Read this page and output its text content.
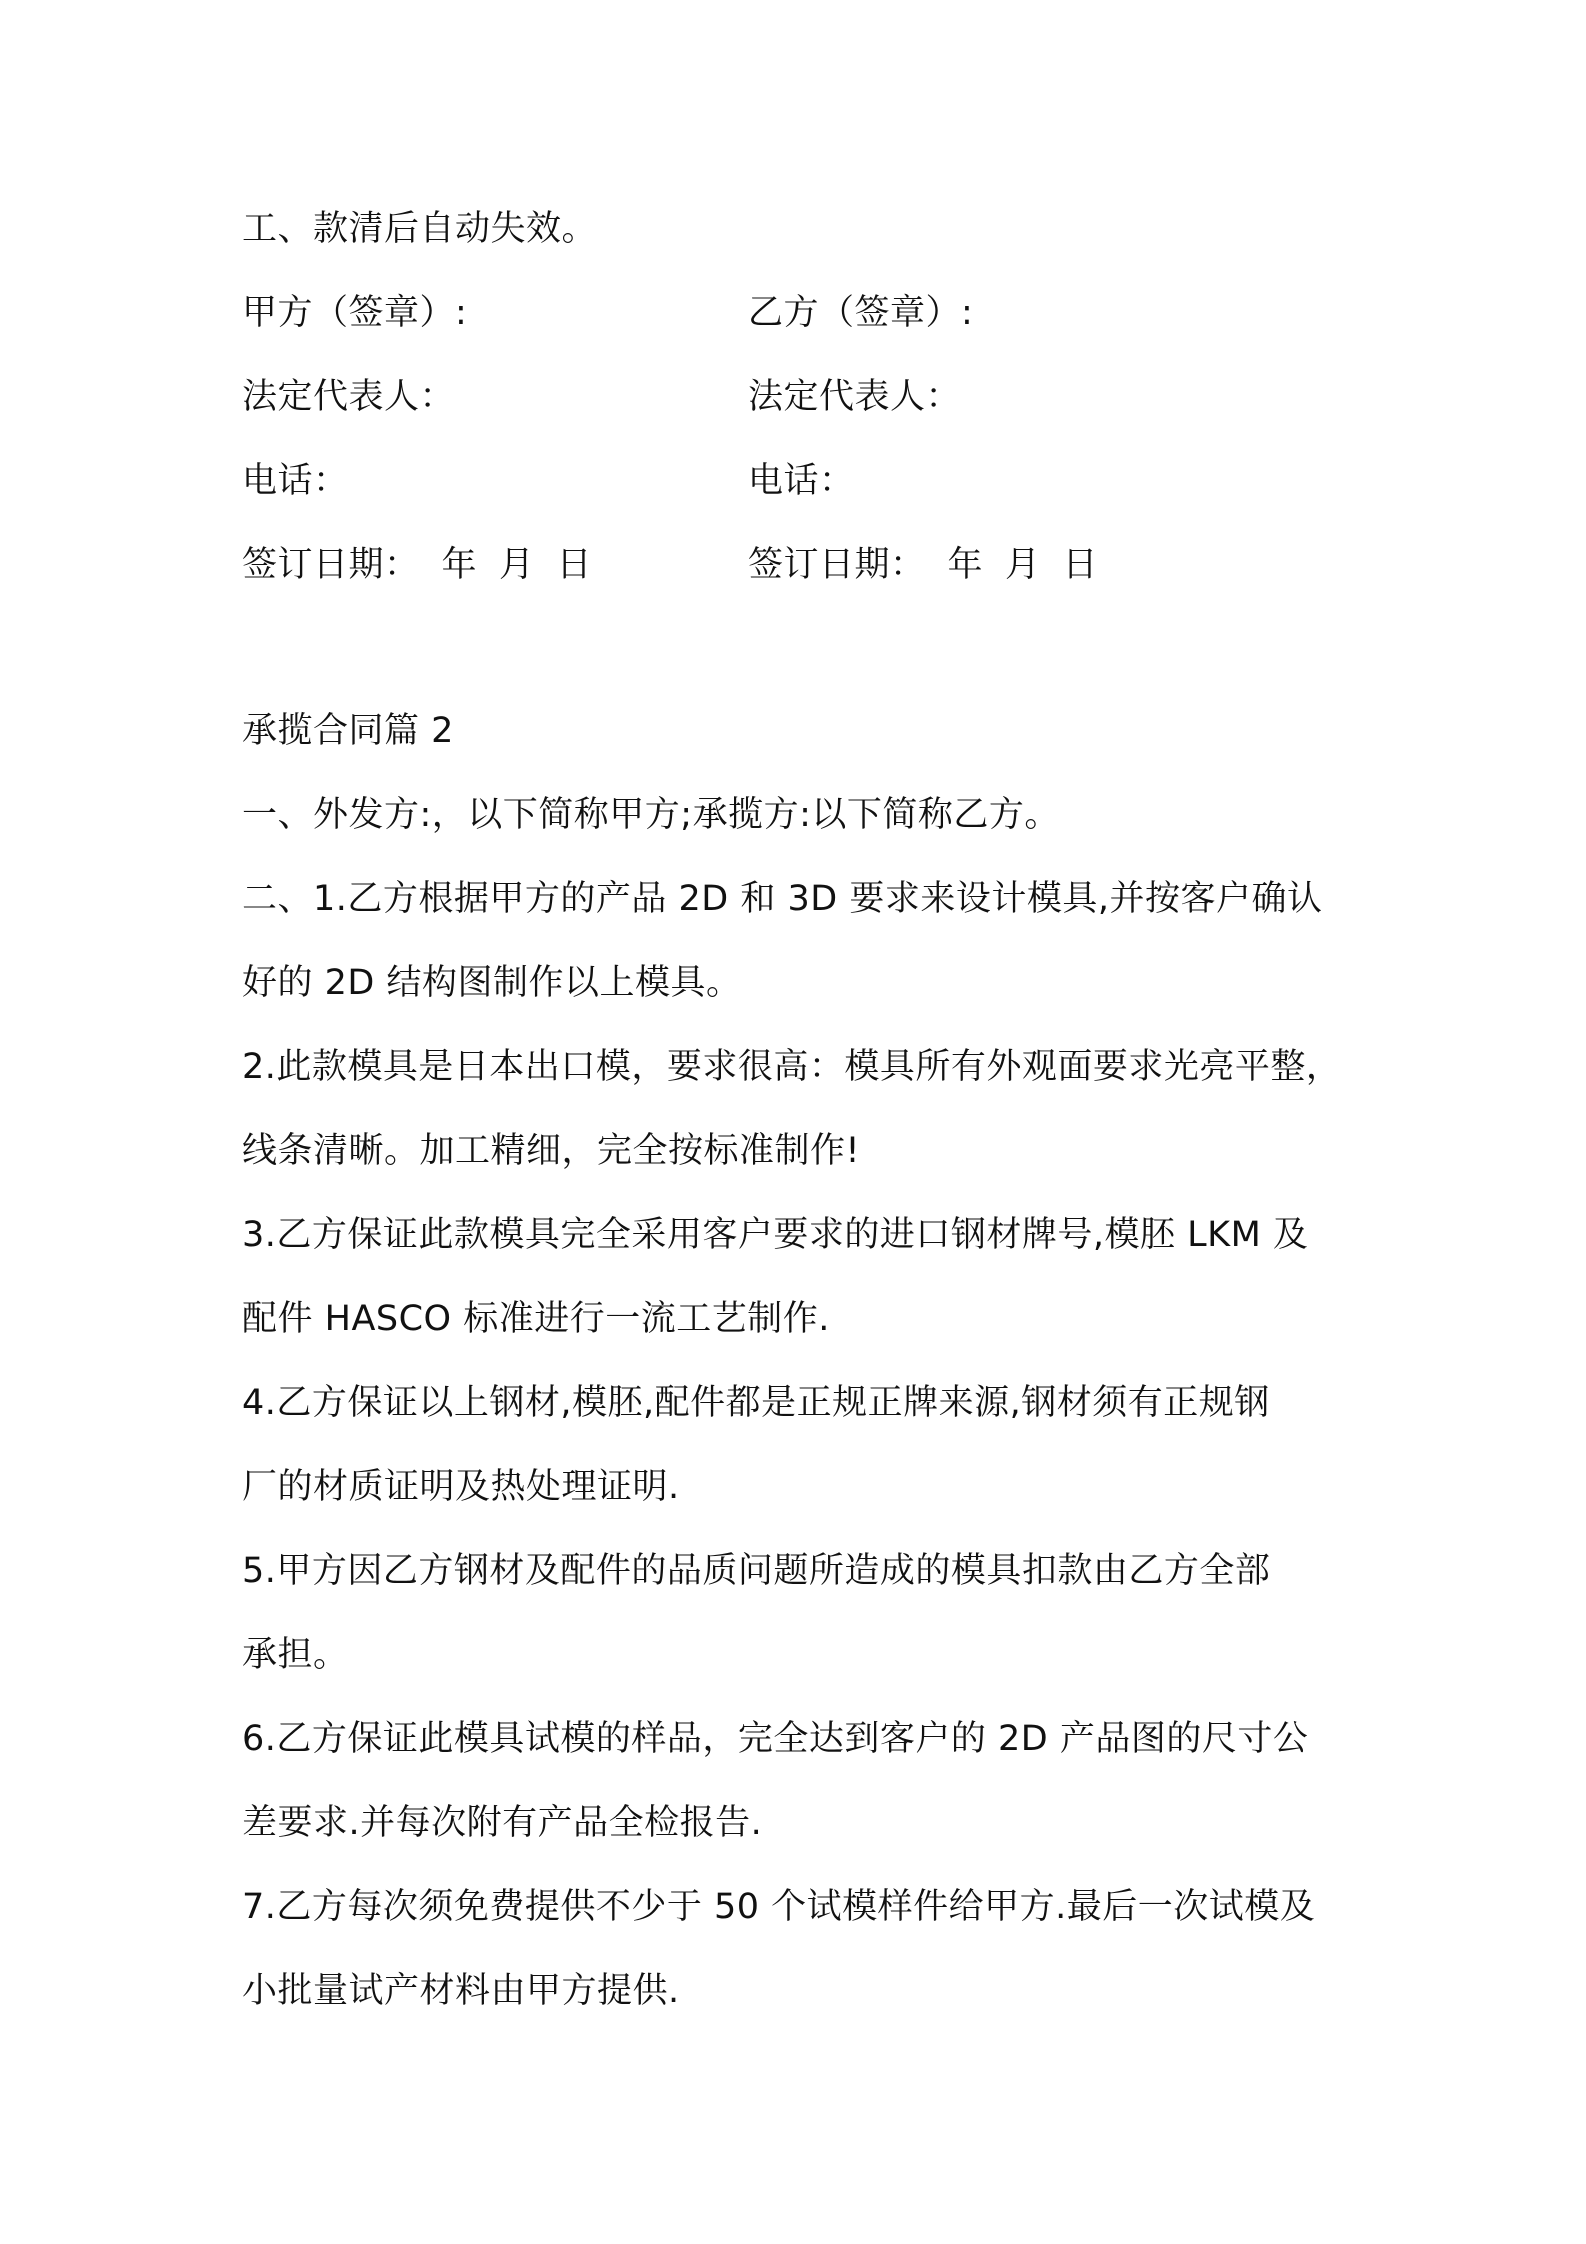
工、款清后自动失效。
甲方（签章）:	乙方（签章）:
法定代表人：	法定代表人：
电话：	电话：
签订日期： 年 月 日	签订日期： 年 月 日
承揽合同篇 2
一、外发方:，以下简称甲方;承揽方:以下简称乙方。
二、1.乙方根据甲方的产品 2D 和 3D 要求来设计模具,并按客户确认
好的 2D 结构图制作以上模具。
2.此款模具是日本出口模，要求很高：模具所有外观面要求光亮平整，
线条清晰。加工精细，完全按标准制作!
3.乙方保证此款模具完全采用客户要求的进口钢材牌号,模胚 LKM 及
配件 HASCO 标准进行一流工艺制作.
4.乙方保证以上钢材,模胚,配件都是正规正牌来源,钢材须有正规钢
厂的材质证明及热处理证明.
5.甲方因乙方钢材及配件的品质问题所造成的模具扣款由乙方全部
承担。
6.乙方保证此模具试模的样品，完全达到客户的 2D 产品图的尺寸公
差要求.并每次附有产品全检报告.
7.乙方每次须免费提供不少于 50 个试模样件给甲方.最后一次试模及
小批量试产材料由甲方提供.
